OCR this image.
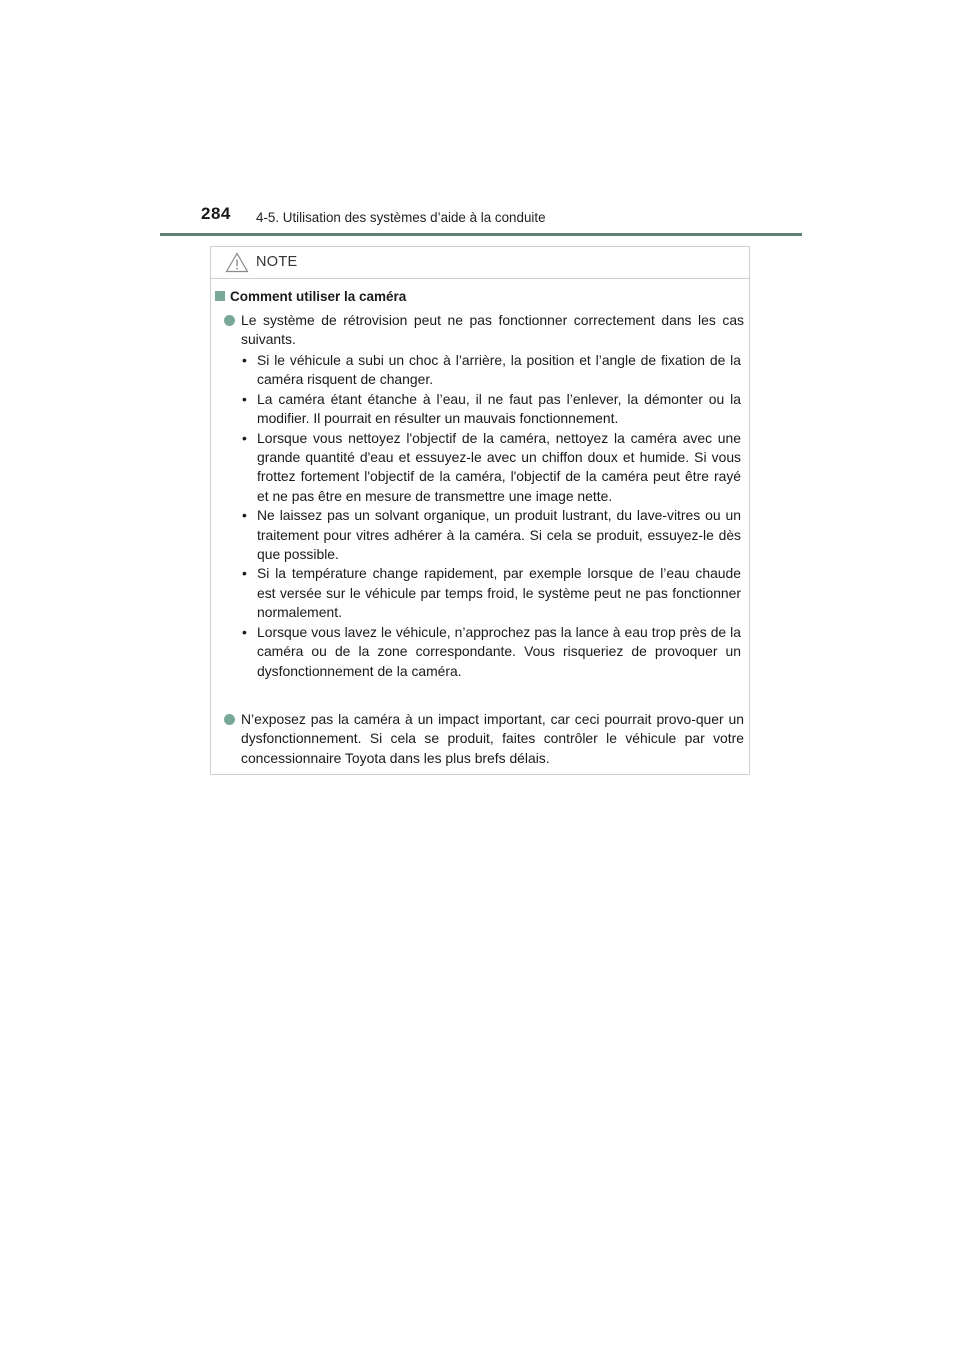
284 4-5. Utilisation des systèmes d’aide à la conduite
NOTE
Comment utiliser la caméra
Le système de rétrovision peut ne pas fonctionner correctement dans les cas suivants.
• Si le véhicule a subi un choc à l’arrière, la position et l’angle de fixation de la caméra risquent de changer.
• La caméra étant étanche à l’eau, il ne faut pas l’enlever, la démonter ou la modifier. Il pourrait en résulter un mauvais fonctionnement.
• Lorsque vous nettoyez l'objectif de la caméra, nettoyez la caméra avec une grande quantité d'eau et essuyez-le avec un chiffon doux et humide. Si vous frottez fortement l'objectif de la caméra, l'objectif de la caméra peut être rayé et ne pas être en mesure de transmettre une image nette.
• Ne laissez pas un solvant organique, un produit lustrant, du lave-vitres ou un traitement pour vitres adhérer à la caméra. Si cela se produit, essuyez-le dès que possible.
• Si la température change rapidement, par exemple lorsque de l’eau chaude est versée sur le véhicule par temps froid, le système peut ne pas fonctionner normalement.
• Lorsque vous lavez le véhicule, n’approchez pas la lance à eau trop près de la caméra ou de la zone correspondante. Vous risqueriez de provoquer un dysfonctionnement de la caméra.
N’exposez pas la caméra à un impact important, car ceci pourrait provo-quer un dysfonctionnement. Si cela se produit, faites contrôler le véhicule par votre concessionnaire Toyota dans les plus brefs délais.
